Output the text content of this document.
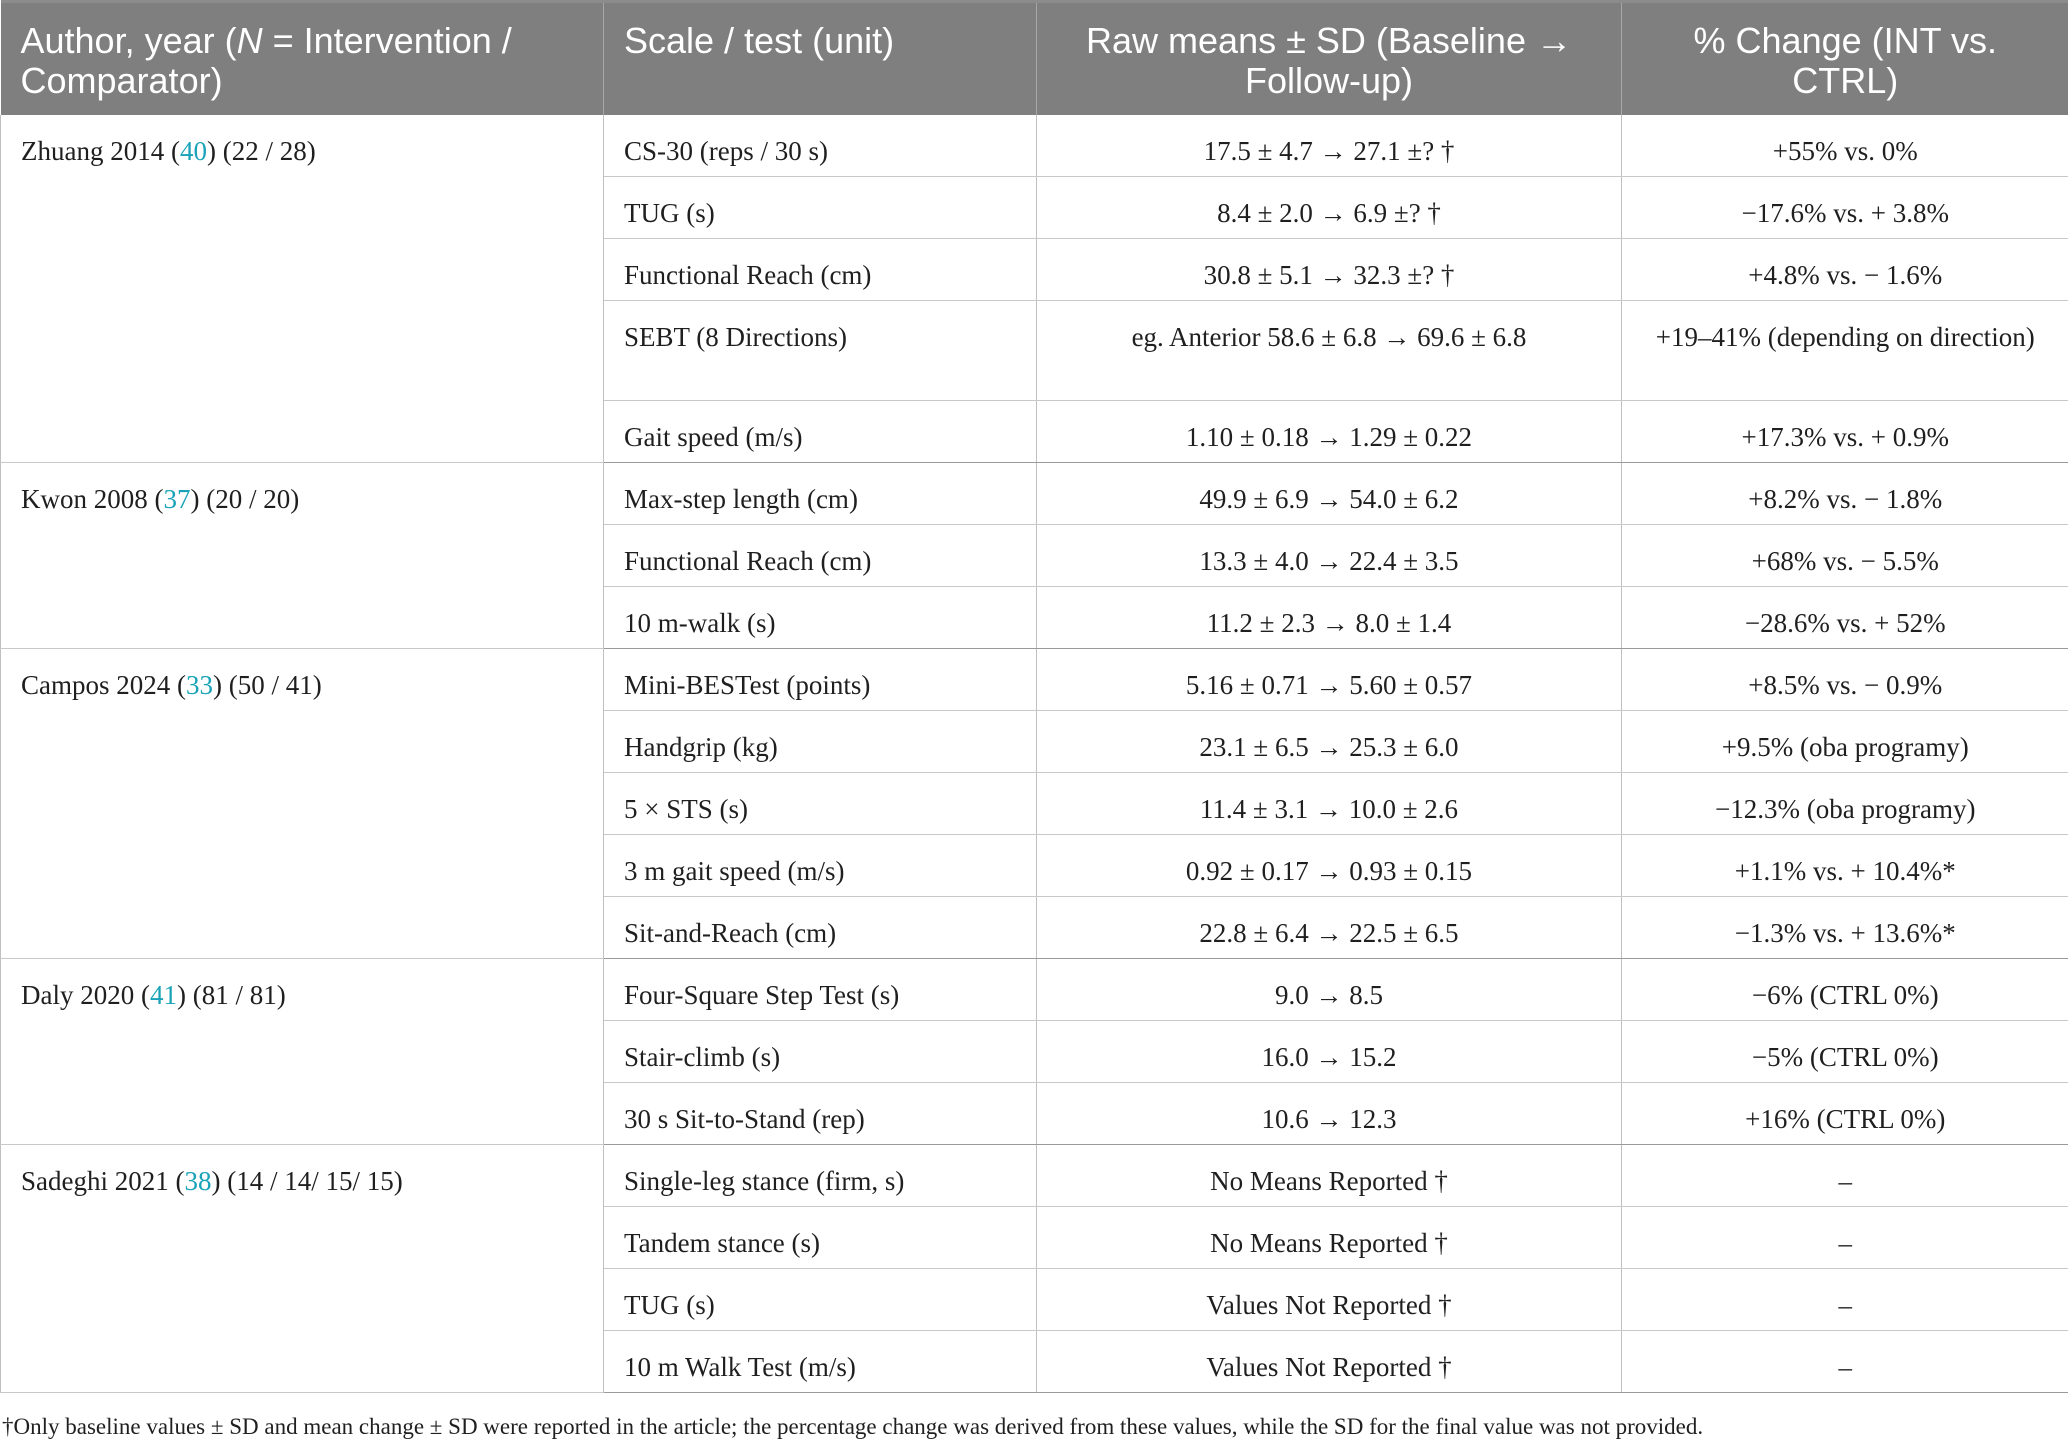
Author, year (N = Intervention / Comparator)	Scale / test (unit)	Raw means ± SD (Baseline → Follow-up)	% Change (INT vs. CTRL)
Zhuang 2014 (40) (22 / 28)	CS-30 (reps / 30 s)	17.5 ± 4.7 → 27.1 ±? †	+55% vs. 0%
	TUG (s)	8.4 ± 2.0 → 6.9 ±? †	−17.6% vs. + 3.8%
	Functional Reach (cm)	30.8 ± 5.1 → 32.3 ±? †	+4.8% vs. − 1.6%
	SEBT (8 Directions)	eg. Anterior 58.6 ± 6.8 → 69.6 ± 6.8	+19–41% (depending on direction)
	Gait speed (m/s)	1.10 ± 0.18 → 1.29 ± 0.22	+17.3% vs. + 0.9%
Kwon 2008 (37) (20 / 20)	Max-step length (cm)	49.9 ± 6.9 → 54.0 ± 6.2	+8.2% vs. − 1.8%
	Functional Reach (cm)	13.3 ± 4.0 → 22.4 ± 3.5	+68% vs. − 5.5%
	10 m-walk (s)	11.2 ± 2.3 → 8.0 ± 1.4	−28.6% vs. + 52%
Campos 2024 (33) (50 / 41)	Mini-BESTest (points)	5.16 ± 0.71 → 5.60 ± 0.57	+8.5% vs. − 0.9%
	Handgrip (kg)	23.1 ± 6.5 → 25.3 ± 6.0	+9.5% (oba programy)
	5 × STS (s)	11.4 ± 3.1 → 10.0 ± 2.6	−12.3% (oba programy)
	3 m gait speed (m/s)	0.92 ± 0.17 → 0.93 ± 0.15	+1.1% vs. + 10.4%*
	Sit-and-Reach (cm)	22.8 ± 6.4 → 22.5 ± 6.5	−1.3% vs. + 13.6%*
Daly 2020 (41) (81 / 81)	Four-Square Step Test (s)	9.0 → 8.5	−6% (CTRL 0%)
	Stair-climb (s)	16.0 → 15.2	−5% (CTRL 0%)
	30 s Sit-to-Stand (rep)	10.6 → 12.3	+16% (CTRL 0%)
Sadeghi 2021 (38) (14 / 14/ 15/ 15)	Single-leg stance (firm, s)	No Means Reported †	–
	Tandem stance (s)	No Means Reported †	–
	TUG (s)	Values Not Reported †	–
	10 m Walk Test (m/s)	Values Not Reported †	–
†Only baseline values ± SD and mean change ± SD were reported in the article; the percentage change was derived from these values, while the SD for the final value was not provided.
